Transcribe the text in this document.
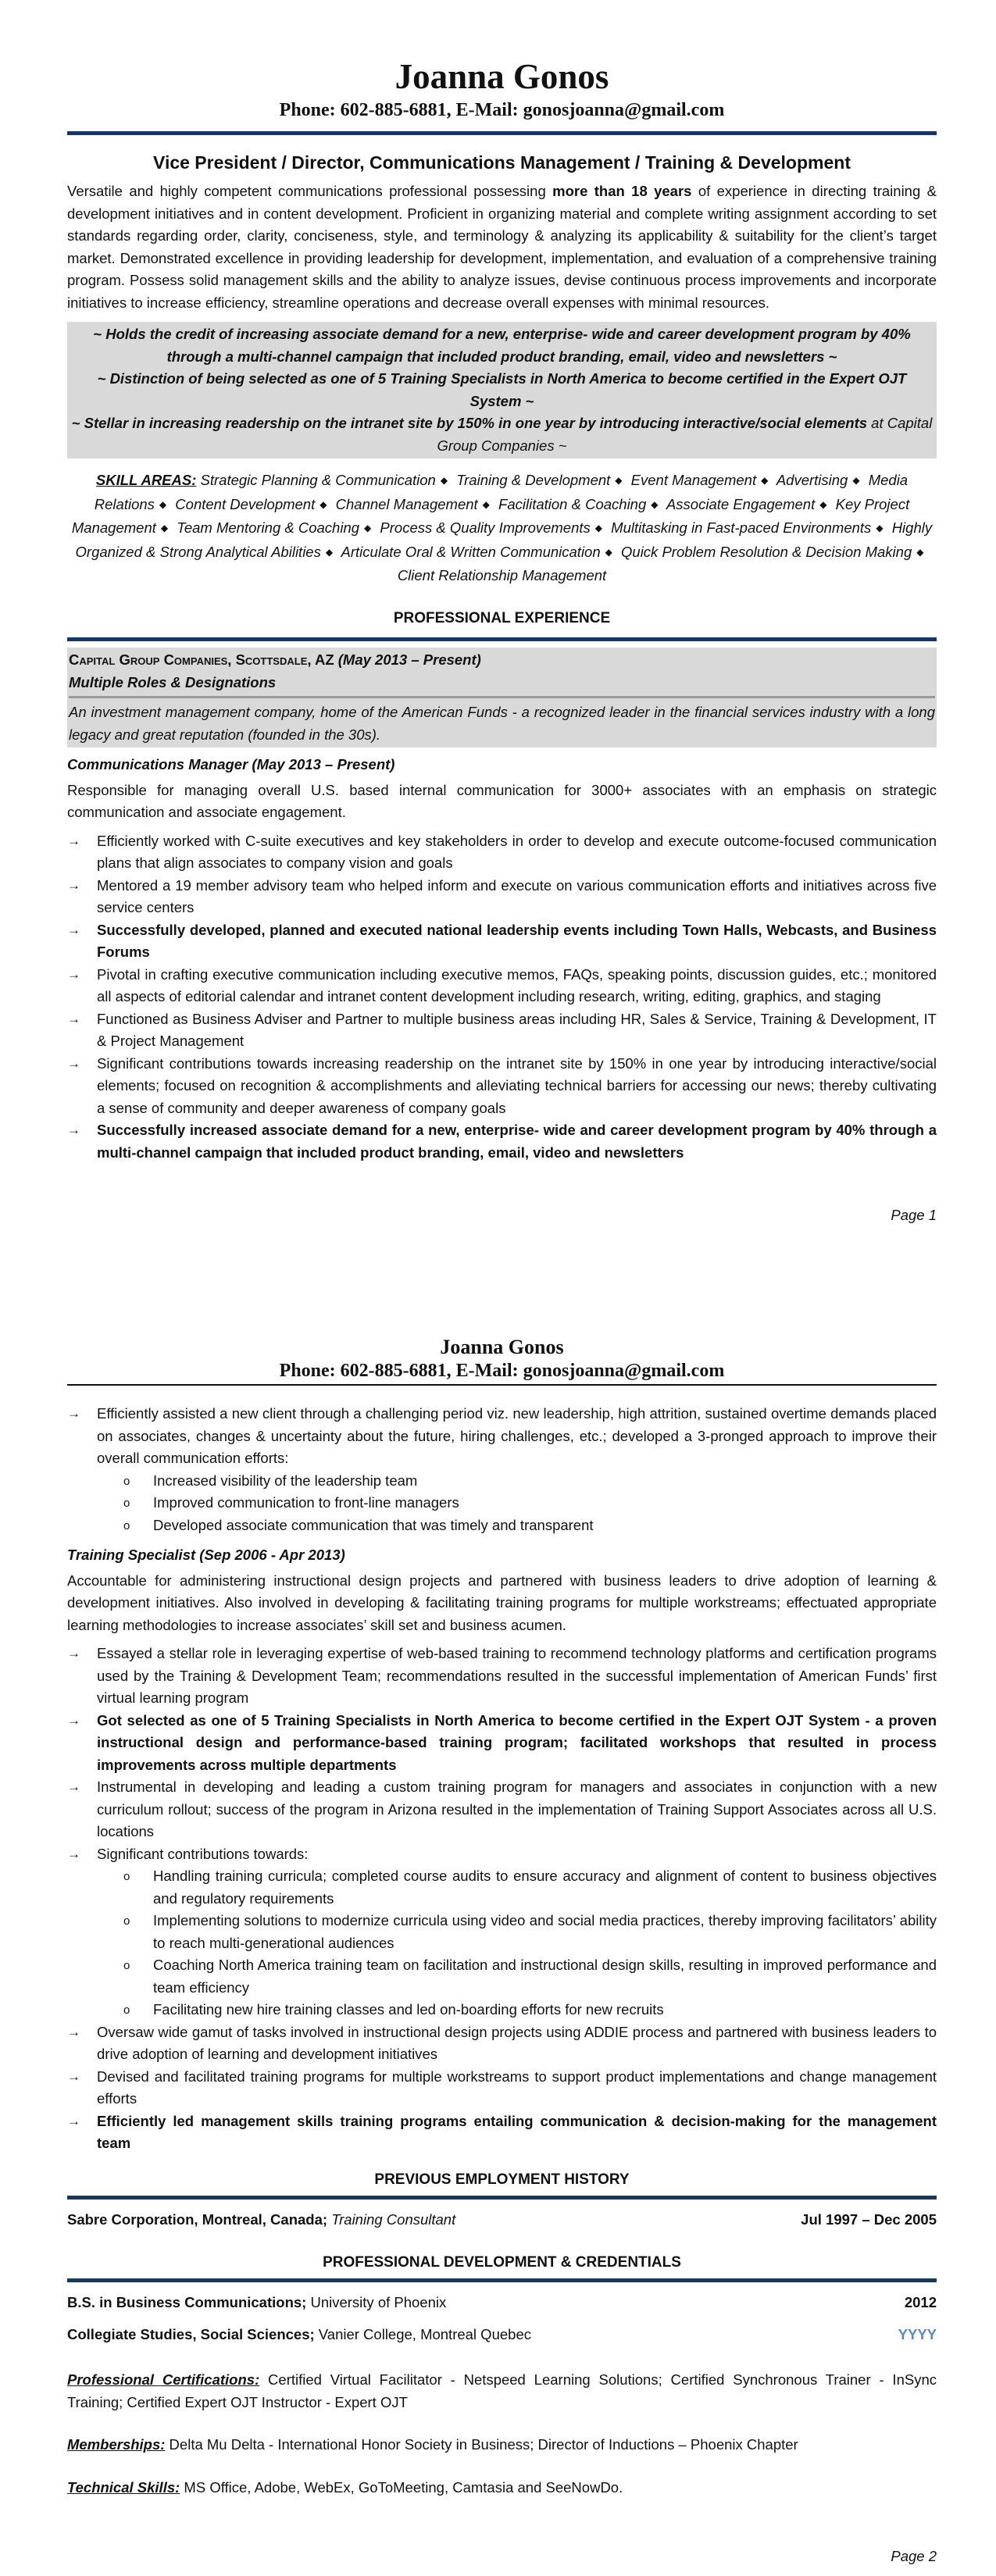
Joanna Gonos

Phone: 602-885-6881, E-Mail: gonosjoanna@gmail.com

Vice President / Director, Communications Management / Training & Development

Versatile and highly competent communications professional possessing more than 18 years of experience in directing training & development initiatives and in content development. Proficient in organizing material and complete writing assignment according to set standards regarding order, clarity, conciseness, style, and terminology & analyzing its applicability & suitability for the client’s target market. Demonstrated excellence in providing leadership for development, implementation, and evaluation of a comprehensive training program. Possess solid management skills and the ability to analyze issues, devise continuous process improvements and incorporate initiatives to increase efficiency, streamline operations and decrease overall expenses with minimal resources.

~ Holds the credit of increasing associate demand for a new, enterprise- wide and career development program by 40% through a multi-channel campaign that included product branding, email, video and newsletters ~
~ Distinction of being selected as one of 5 Training Specialists in North America to become certified in the Expert OJT System ~
~ Stellar in increasing readership on the intranet site by 150% in one year by introducing interactive/social elements at Capital Group Companies ~

SKILL AREAS: Strategic Planning & Communication ◆ Training & Development ◆ Event Management ◆ Advertising ◆ Media Relations ◆ Content Development ◆ Channel Management ◆ Facilitation & Coaching ◆ Associate Engagement ◆ Key Project Management ◆ Team Mentoring & Coaching ◆ Process & Quality Improvements ◆ Multitasking in Fast-paced Environments ◆ Highly Organized & Strong Analytical Abilities ◆ Articulate Oral & Written Communication ◆ Quick Problem Resolution & Decision Making ◆ Client Relationship Management

PROFESSIONAL EXPERIENCE
Capital Group Companies, Scottsdale, AZ (May 2013 – Present)
Multiple Roles & Designations
An investment management company, home of the American Funds - a recognized leader in the financial services industry with a long legacy and great reputation (founded in the 30s).
Communications Manager (May 2013 – Present)

Responsible for managing overall U.S. based internal communication for 3000+ associates with an emphasis on strategic communication and associate engagement.

→	Efficiently worked with C-suite executives and key stakeholders in order to develop and execute outcome-focused communication plans that align associates to company vision and goals
→	Mentored a 19 member advisory team who helped inform and execute on various communication efforts and initiatives across five service centers
→	Successfully developed, planned and executed national leadership events including Town Halls, Webcasts, and Business Forums
→	Pivotal in crafting executive communication including executive memos, FAQs, speaking points, discussion guides, etc.; monitored all aspects of editorial calendar and intranet content development including research, writing, editing, graphics, and staging
→	Functioned as Business Adviser and Partner to multiple business areas including HR, Sales & Service, Training & Development, IT & Project Management
→	Significant contributions towards increasing readership on the intranet site by 150% in one year by introducing interactive/social elements; focused on recognition & accomplishments and alleviating technical barriers for accessing our news; thereby cultivating a sense of community and deeper awareness of company goals
→	Successfully increased associate demand for a new, enterprise- wide and career development program by 40% through a multi-channel campaign that included product branding, email, video and newsletters
Page 1

Joanna Gonos

Phone: 602-885-6881, E-Mail: gonosjoanna@gmail.com

→	Efficiently assisted a new client through a challenging period viz. new leadership, high attrition, sustained overtime demands placed on associates, changes & uncertainty about the future, hiring challenges, etc.; developed a 3-pronged approach to improve their overall communication efforts:
o Increased visibility of the leadership team
o Improved communication to front-line managers
o Developed associate communication that was timely and transparent
Training Specialist (Sep 2006 - Apr 2013)

Accountable for administering instructional design projects and partnered with business leaders to drive adoption of learning & development initiatives. Also involved in developing & facilitating training programs for multiple workstreams; effectuated appropriate learning methodologies to increase associates’ skill set and business acumen.

→	Essayed a stellar role in leveraging expertise of web-based training to recommend technology platforms and certification programs used by the Training & Development Team; recommendations resulted in the successful implementation of American Funds’ first virtual learning program
→	Got selected as one of 5 Training Specialists in North America to become certified in the Expert OJT System - a proven instructional design and performance-based training program; facilitated workshops that resulted in process improvements across multiple departments
→	Instrumental in developing and leading a custom training program for managers and associates in conjunction with a new curriculum rollout; success of the program in Arizona resulted in the implementation of Training Support Associates across all U.S. locations
→	Significant contributions towards:
o Handling training curricula; completed course audits to ensure accuracy and alignment of content to business objectives and regulatory requirements
o Implementing solutions to modernize curricula using video and social media practices, thereby improving facilitators’ ability to reach multi-generational audiences
o Coaching North America training team on facilitation and instructional design skills, resulting in improved performance and team efficiency
o Facilitating new hire training classes and led on-boarding efforts for new recruits
→	Oversaw wide gamut of tasks involved in instructional design projects using ADDIE process and partnered with business leaders to drive adoption of learning and development initiatives
→	Devised and facilitated training programs for multiple workstreams to support product implementations and change management efforts
→	Efficiently led management skills training programs entailing communication & decision-making for the management team
PREVIOUS EMPLOYMENT HISTORY
Sabre Corporation, Montreal, Canada; Training Consultant	Jul 1997 – Dec 2005
PROFESSIONAL DEVELOPMENT & CREDENTIALS
B.S. in Business Communications; University of Phoenix	2012
Collegiate Studies, Social Sciences; Vanier College, Montreal Quebec	YYYY

Professional Certifications: Certified Virtual Facilitator - Netspeed Learning Solutions; Certified Synchronous Trainer - InSync Training; Certified Expert OJT Instructor - Expert OJT

Memberships: Delta Mu Delta - International Honor Society in Business; Director of Inductions – Phoenix Chapter

Technical Skills: MS Office, Adobe, WebEx, GoToMeeting, Camtasia and SeeNowDo.

Page 2
